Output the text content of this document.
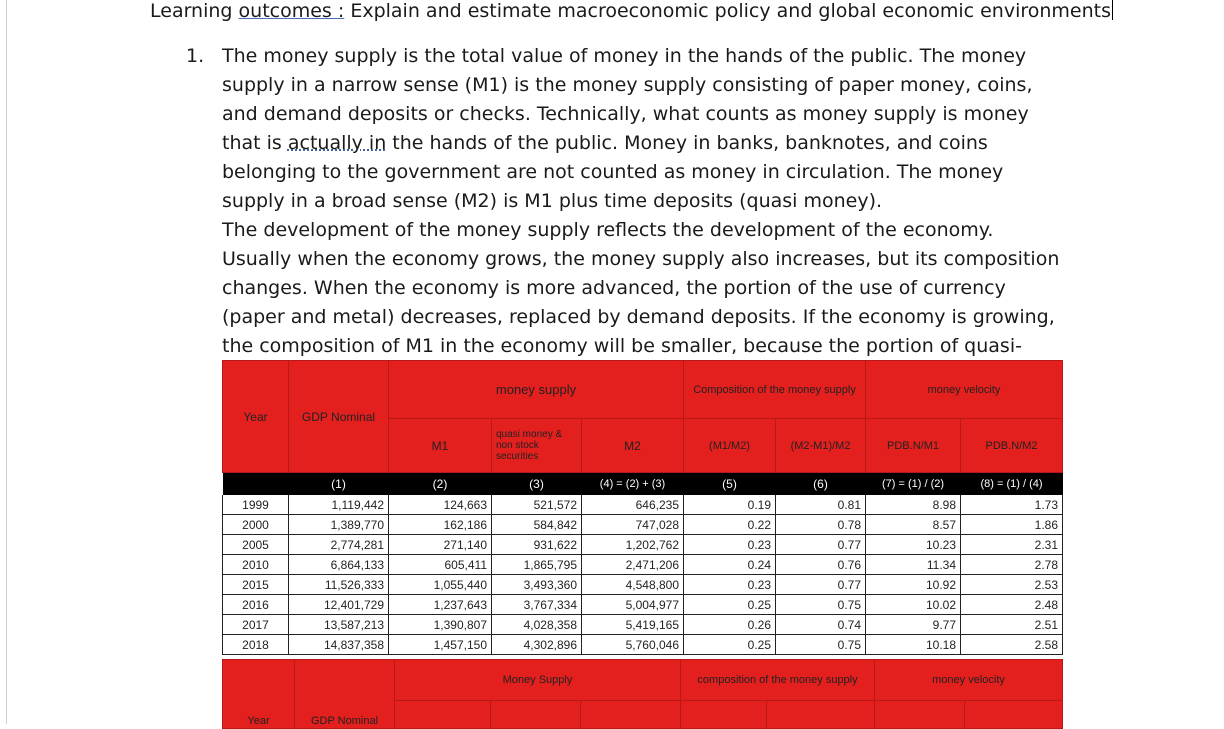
Learning outcomes : Explain and estimate macroeconomic policy and global economic environments
1. The money supply is the total value of money in the hands of the public. The money supply in a narrow sense (M1) is the money supply consisting of paper money, coins, and demand deposits or checks. Technically, what counts as money supply is money that is actually in the hands of the public. Money in banks, banknotes, and coins belonging to the government are not counted as money in circulation. The money supply in a broad sense (M2) is M1 plus time deposits (quasi money).

The development of the money supply reflects the development of the economy. Usually when the economy grows, the money supply also increases, but its composition changes. When the economy is more advanced, the portion of the use of currency (paper and metal) decreases, replaced by demand deposits. If the economy is growing, the composition of M1 in the economy will be smaller, because the portion of quasi-

Year	GDP Nominal	money supply			Composition of the money supply		money velocity	
		M1	quasi money & non stock securities	M2	(M1/M2)	(M2-M1)/M2	PDB.N/M1	PDB.N/M2
	(1)	(2)	(3)	(4) = (2) + (3)	(5)	(6)	(7) = (1) / (2)	(8) = (1) / (4)
1999	1,119,442	124,663	521,572	646,235	0.19	0.81	8.98	1.73
2000	1,389,770	162,186	584,842	747,028	0.22	0.78	8.57	1.86
2005	2,774,281	271,140	931,622	1,202,762	0.23	0.77	10.23	2.31
2010	6,864,133	605,411	1,865,795	2,471,206	0.24	0.76	11.34	2.78
2015	11,526,333	1,055,440	3,493,360	4,548,800	0.23	0.77	10.92	2.53
2016	12,401,729	1,237,643	3,767,334	5,004,977	0.25	0.75	10.02	2.48
2017	13,587,213	1,390,807	4,028,358	5,419,165	0.26	0.74	9.77	2.51
2018	14,837,358	1,457,150	4,302,896	5,760,046	0.25	0.75	10.18	2.58
Year	GDP Nominal	Money Supply			composition of the money supply		money velocity	
